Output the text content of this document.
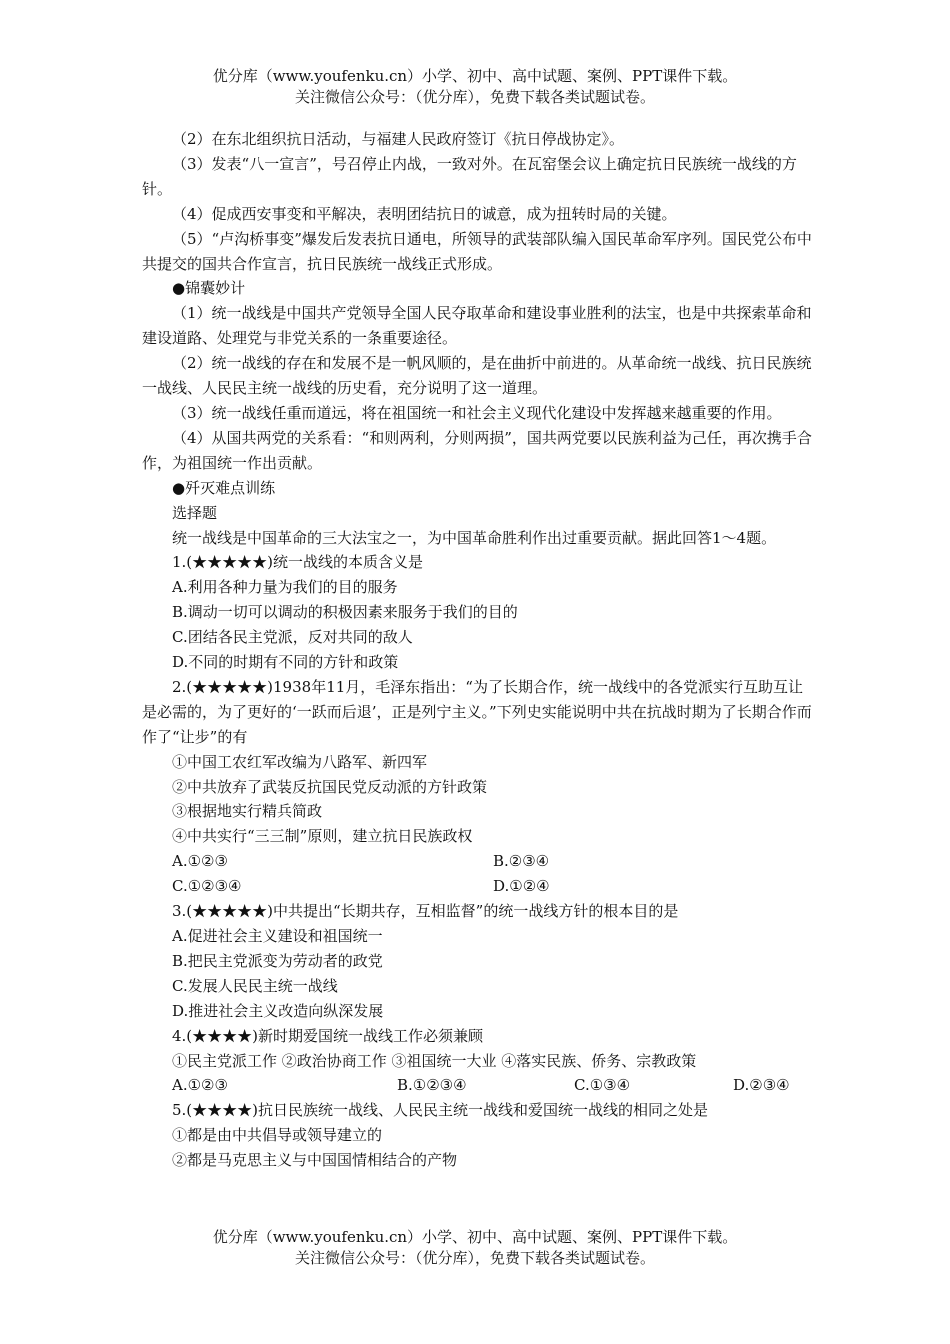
优分库（www.youfenku.cn）小学、初中、高中试题、案例、PPT课件下载。
关注微信公众号：（优分库），免费下载各类试题试卷。

（2）在东北组织抗日活动，与福建人民政府签订《抗日停战协定》。

（3）发表“八一宣言”，号召停止内战，一致对外。在瓦窑堡会议上确定抗日民族统一战线的方针。

（4）促成西安事变和平解决，表明团结抗日的诚意，成为扭转时局的关键。

（5）“卢沟桥事变”爆发后发表抗日通电，所领导的武装部队编入国民革命军序列。国民党公布中共提交的国共合作宣言，抗日民族统一战线正式形成。

●锦囊妙计

（1）统一战线是中国共产党领导全国人民夺取革命和建设事业胜利的法宝，也是中共探索革命和建设道路、处理党与非党关系的一条重要途径。

（2）统一战线的存在和发展不是一帆风顺的，是在曲折中前进的。从革命统一战线、抗日民族统一战线、人民民主统一战线的历史看，充分说明了这一道理。

（3）统一战线任重而道远，将在祖国统一和社会主义现代化建设中发挥越来越重要的作用。

（4）从国共两党的关系看：“和则两利，分则两损”，国共两党要以民族利益为己任，再次携手合作，为祖国统一作出贡献。

●歼灭难点训练

选择题

统一战线是中国革命的三大法宝之一，为中国革命胜利作出过重要贡献。据此回答1～4题。

1.(★★★★★)统一战线的本质含义是

A.利用各种力量为我们的目的服务

B.调动一切可以调动的积极因素来服务于我们的目的

C.团结各民主党派，反对共同的敌人

D.不同的时期有不同的方针和政策

2.(★★★★★)1938年11月，毛泽东指出：“为了长期合作，统一战线中的各党派实行互助互让是必需的，为了更好的‘一跃而后退’，正是列宁主义。”下列史实能说明中共在抗战时期为了长期合作而作了“让步”的有

①中国工农红军改编为八路军、新四军

②中共放弃了武装反抗国民党反动派的方针政策

③根据地实行精兵简政

④中共实行“三三制”原则，建立抗日民族政权

A.①②③	B.②③④
C.①②③④	D.①②④

3.(★★★★★)中共提出“长期共存，互相监督”的统一战线方针的根本目的是

A.促进社会主义建设和祖国统一

B.把民主党派变为劳动者的政党

C.发展人民民主统一战线

D.推进社会主义改造向纵深发展

4.(★★★★)新时期爱国统一战线工作必须兼顾

①民主党派工作 ②政治协商工作 ③祖国统一大业 ④落实民族、侨务、宗教政策

A.①②③	B.①②③④	C.①③④	D.②③④

5.(★★★★)抗日民族统一战线、人民民主统一战线和爱国统一战线的相同之处是

①都是由中共倡导或领导建立的

②都是马克思主义与中国国情相结合的产物

优分库（www.youfenku.cn）小学、初中、高中试题、案例、PPT课件下载。
关注微信公众号：（优分库），免费下载各类试题试卷。
